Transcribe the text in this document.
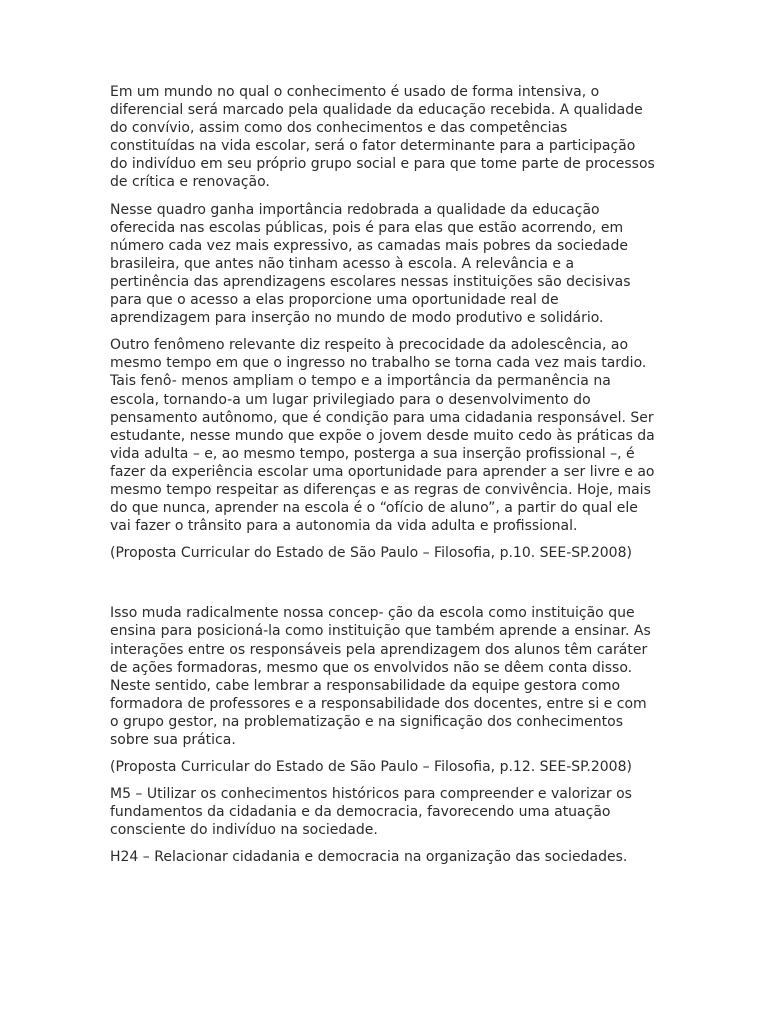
Em um mundo no qual o conhecimento é usado de forma intensiva, o diferencial será marcado pela qualidade da educação recebida. A qualidade do convívio, assim como dos conhecimentos e das competências constituídas na vida escolar, será o fator determinante para a participação do indivíduo em seu próprio grupo social e para que tome parte de processos de crítica e renovação.

Nesse quadro ganha importância redobrada a qualidade da educação oferecida nas escolas públicas, pois é para elas que estão acorrendo, em número cada vez mais expressivo, as camadas mais pobres da sociedade brasileira, que antes não tinham acesso à escola. A relevância e a pertinência das aprendizagens escolares nessas instituições são decisivas para que o acesso a elas proporcione uma oportunidade real de aprendizagem para inserção no mundo de modo produtivo e solidário.

Outro fenômeno relevante diz respeito à precocidade da adolescência, ao mesmo tempo em que o ingresso no trabalho se torna cada vez mais tardio. Tais fenô- menos ampliam o tempo e a importância da permanência na escola, tornando-a um lugar privilegiado para o desenvolvimento do pensamento autônomo, que é condição para uma cidadania responsável. Ser estudante, nesse mundo que expõe o jovem desde muito cedo às práticas da vida adulta – e, ao mesmo tempo, posterga a sua inserção profissional –, é fazer da experiência escolar uma oportunidade para aprender a ser livre e ao mesmo tempo respeitar as diferenças e as regras de convivência. Hoje, mais do que nunca, aprender na escola é o “ofício de aluno”, a partir do qual ele vai fazer o trânsito para a autonomia da vida adulta e profissional.

(Proposta Curricular do Estado de São Paulo – Filosofia, p.10. SEE-SP.2008)

Isso muda radicalmente nossa concep- ção da escola como instituição que ensina para posicioná-la como instituição que também aprende a ensinar. As interações entre os responsáveis pela aprendizagem dos alunos têm caráter de ações formadoras, mesmo que os envolvidos não se dêem conta disso. Neste sentido, cabe lembrar a responsabilidade da equipe gestora como formadora de professores e a responsabilidade dos docentes, entre si e com o grupo gestor, na problematização e na significação dos conhecimentos sobre sua prática.

(Proposta Curricular do Estado de São Paulo – Filosofia, p.12. SEE-SP.2008)

M5 – Utilizar os conhecimentos históricos para compreender e valorizar os fundamentos da cidadania e da democracia, favorecendo uma atuação consciente do indivíduo na sociedade.

H24 – Relacionar cidadania e democracia na organização das sociedades.
